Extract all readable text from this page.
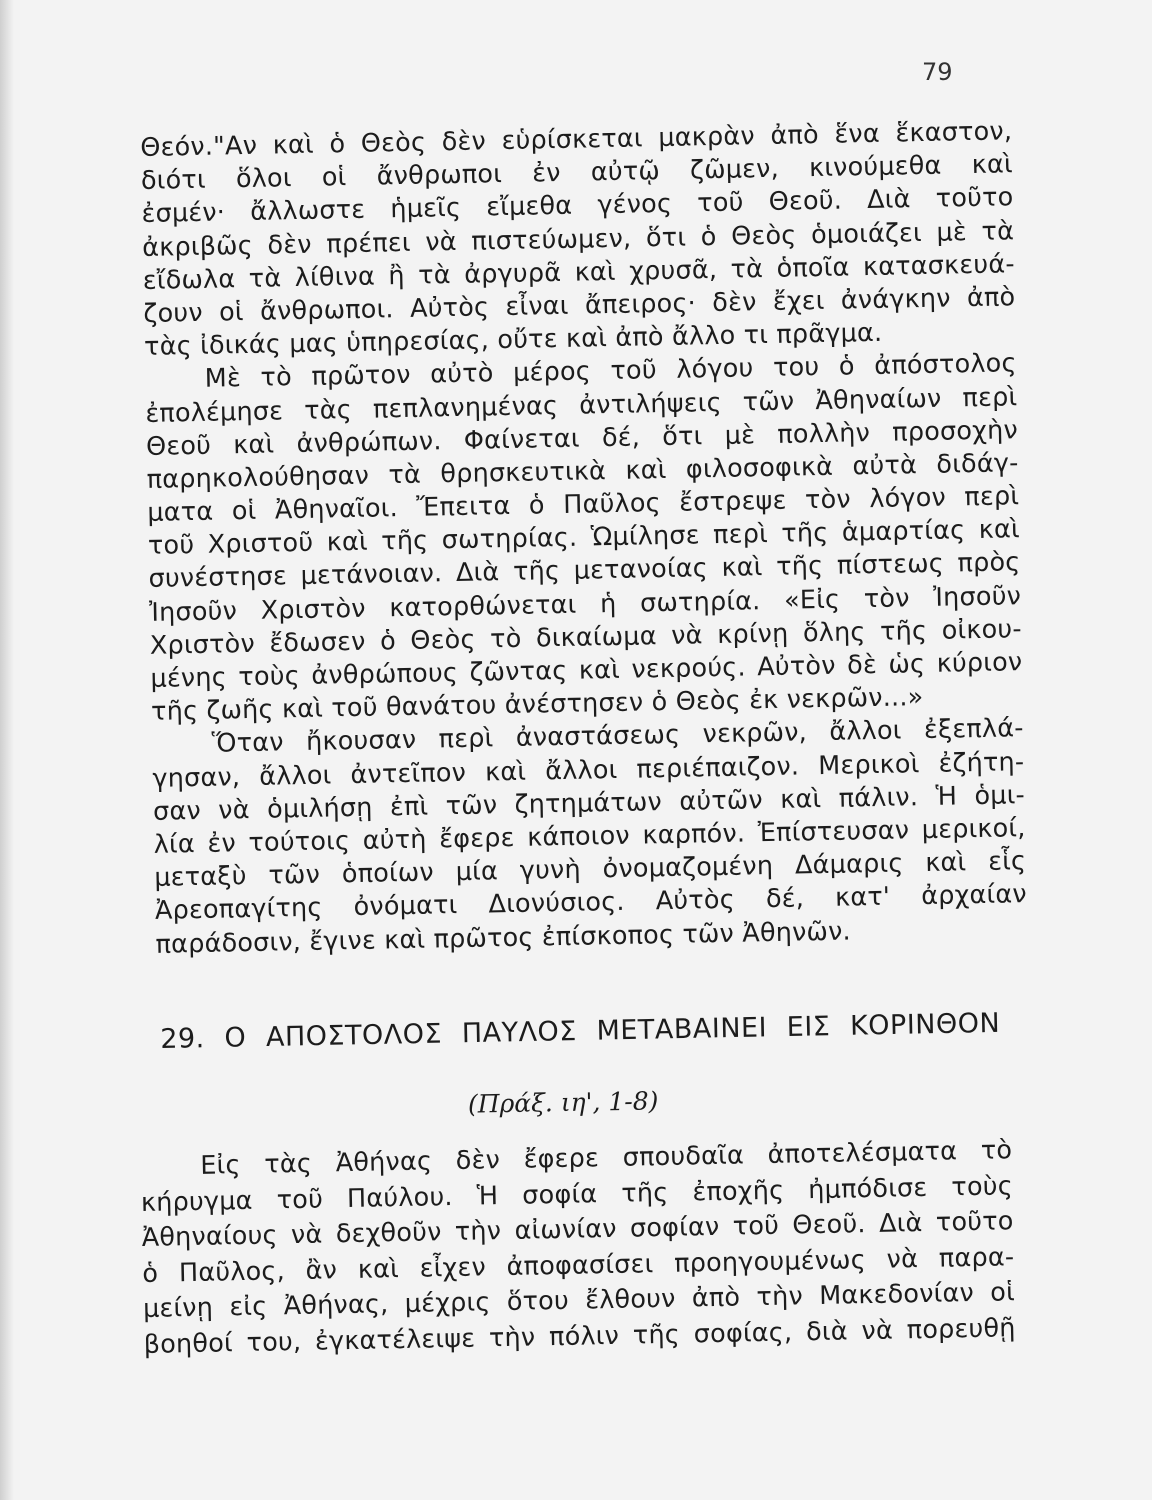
79
Θεόν."Αν καὶ ὁ Θεὸς δὲν εὑρίσκεται μακρὰν ἀπὸ ἕνα ἕκαστον,
διότι ὅλοι οἱ ἄνθρωποι ἐν αὐτῷ ζῶμεν, κινούμεθα καὶ
ἐσμέν· ἄλλωστε ἡμεῖς εἴμεθα γένος τοῦ Θεοῦ. Διὰ τοῦτο
ἀκριβῶς δὲν πρέπει νὰ πιστεύωμεν, ὅτι ὁ Θεὸς ὁμοιάζει μὲ τὰ
εἴδωλα τὰ λίθινα ἢ τὰ ἀργυρᾶ καὶ χρυσᾶ, τὰ ὁποῖα κατασκευά-
ζουν οἱ ἄνθρωποι. Αὐτὸς εἶναι ἄπειρος· δὲν ἔχει ἀνάγκην ἀπὸ
τὰς ἰδικάς μας ὑπηρεσίας, οὔτε καὶ ἀπὸ ἄλλο τι πρᾶγμα.
Μὲ τὸ πρῶτον αὐτὸ μέρος τοῦ λόγου του ὁ ἀπόστολος
ἐπολέμησε τὰς πεπλανημένας ἀντιλήψεις τῶν Ἀθηναίων περὶ
Θεοῦ καὶ ἀνθρώπων. Φαίνεται δέ, ὅτι μὲ πολλὴν προσοχὴν
παρηκολούθησαν τὰ θρησκευτικὰ καὶ φιλοσοφικὰ αὐτὰ διδάγ-
ματα οἱ Ἀθηναῖοι. Ἔπειτα ὁ Παῦλος ἔστρεψε τὸν λόγον περὶ
τοῦ Χριστοῦ καὶ τῆς σωτηρίας. Ὡμίλησε περὶ τῆς ἁμαρτίας καὶ
συνέστησε μετάνοιαν. Διὰ τῆς μετανοίας καὶ τῆς πίστεως πρὸς
Ἰησοῦν Χριστὸν κατορθώνεται ἡ σωτηρία. «Εἰς τὸν Ἰησοῦν
Χριστὸν ἔδωσεν ὁ Θεὸς τὸ δικαίωμα νὰ κρίνῃ ὅλης τῆς οἰκου-
μένης τοὺς ἀνθρώπους ζῶντας καὶ νεκρούς. Αὐτὸν δὲ ὡς κύριον
τῆς ζωῆς καὶ τοῦ θανάτου ἀνέστησεν ὁ Θεὸς ἐκ νεκρῶν...»
Ὅταν ἤκουσαν περὶ ἀναστάσεως νεκρῶν, ἄλλοι ἐξεπλά-
γησαν, ἄλλοι ἀντεῖπον καὶ ἄλλοι περιέπαιζον. Μερικοὶ ἐζήτη-
σαν νὰ ὁμιλήσῃ ἐπὶ τῶν ζητημάτων αὐτῶν καὶ πάλιν. Ἡ ὁμι-
λία ἐν τούτοις αὐτὴ ἔφερε κάποιον καρπόν. Ἐπίστευσαν μερικοί,
μεταξὺ τῶν ὁποίων μία γυνὴ ὀνομαζομένη Δάμαρις καὶ εἷς
Ἀρεοπαγίτης ὀνόματι Διονύσιος. Αὐτὸς δέ, κατ' ἀρχαίαν
παράδοσιν, ἔγινε καὶ πρῶτος ἐπίσκοπος τῶν Ἀθηνῶν.
29. Ο ΑΠΟΣΤΟΛΟΣ ΠΑΥΛΟΣ ΜΕΤΑΒΑΙΝΕΙ ΕΙΣ ΚΟΡΙΝΘΟΝ
(Πράξ. ιη', 1-8)
Εἰς τὰς Ἀθήνας δὲν ἔφερε σπουδαῖα ἀποτελέσματα τὸ
κήρυγμα τοῦ Παύλου. Ἡ σοφία τῆς ἐποχῆς ἠμπόδισε τοὺς
Ἀθηναίους νὰ δεχθοῦν τὴν αἰωνίαν σοφίαν τοῦ Θεοῦ. Διὰ τοῦτο
ὁ Παῦλος, ἂν καὶ εἶχεν ἀποφασίσει προηγουμένως νὰ παρα-
μείνῃ εἰς Ἀθήνας, μέχρις ὅτου ἔλθουν ἀπὸ τὴν Μακεδονίαν οἱ
βοηθοί του, ἐγκατέλειψε τὴν πόλιν τῆς σοφίας, διὰ νὰ πορευθῇ
